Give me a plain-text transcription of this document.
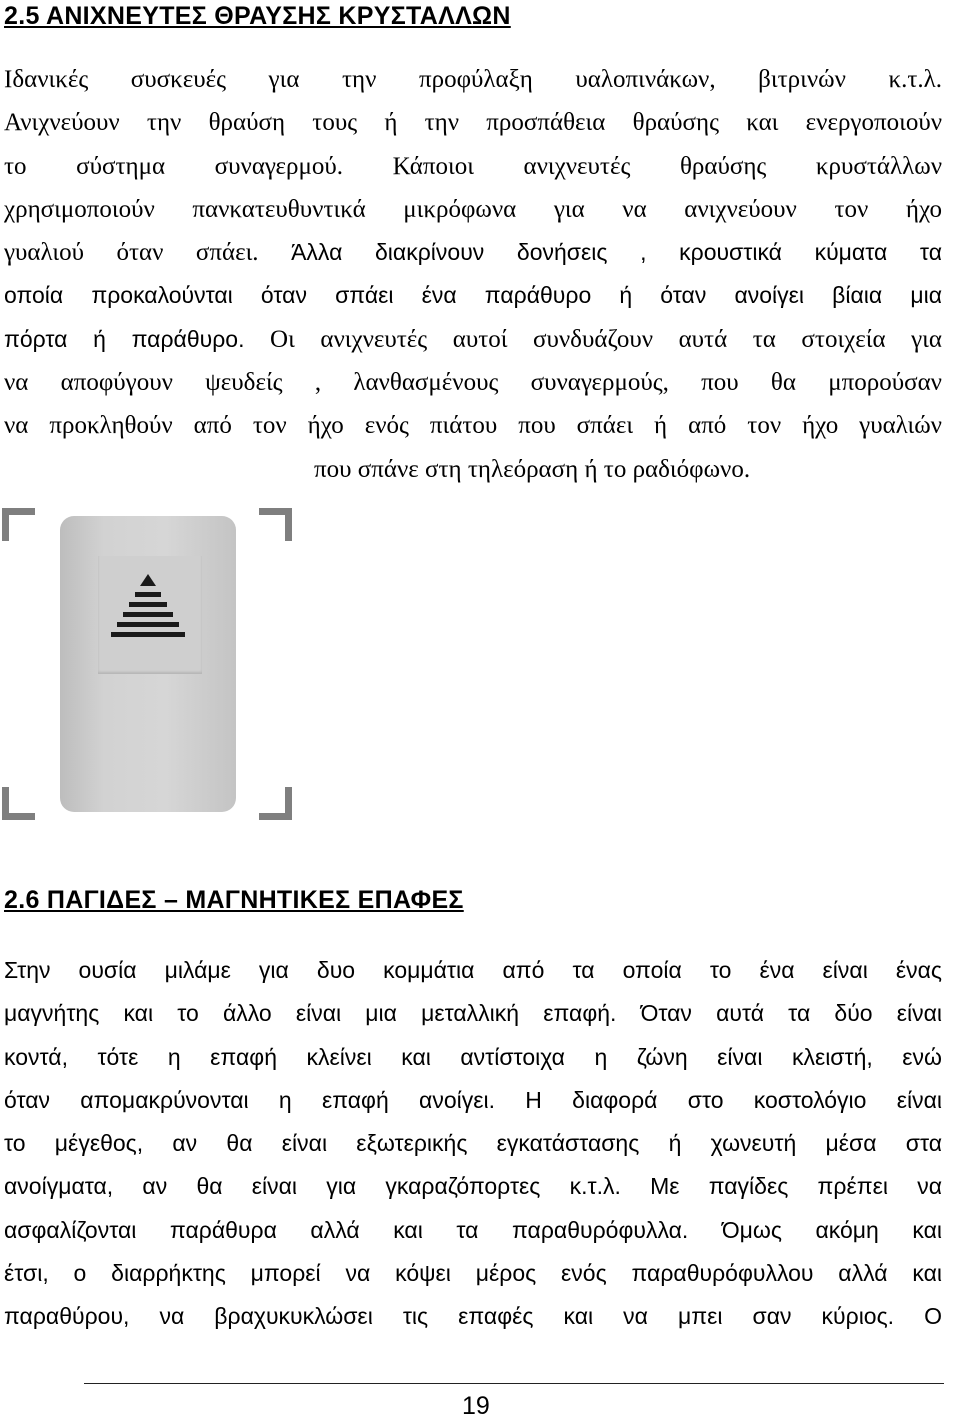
2.5 ΑΝΙΧΝΕΥΤΕΣ ΘΡΑΥΣΗΣ ΚΡΥΣΤΑΛΛΩΝ
Ιδανικές συσκευές για την προφύλαξη υαλοπινάκων, βιτρινών κ.τ.λ.
Ανιχνεύουν την θραύση τους ή την προσπάθεια θραύσης και ενεργοποιούν
το σύστημα συναγερμού. Κάποιοι ανιχνευτές θραύσης κρυστάλλων
χρησιμοποιούν πανκατευθυντικά μικρόφωνα για να ανιχνεύουν τον ήχο
γυαλιού όταν σπάει. Άλλα διακρίνουν δονήσεις , κρουστικά κύματα τα
οποία προκαλούνται όταν σπάει ένα παράθυρο ή όταν ανοίγει βίαια μια
πόρτα ή παράθυρο. Οι ανιχνευτές αυτοί συνδυάζουν αυτά τα στοιχεία για
να αποφύγουν ψευδείς , λανθασμένους συναγερμούς, που θα μπορούσαν
να προκληθούν από τον ήχο ενός πιάτου που σπάει ή από τον ήχο γυαλιών
που σπάνε στη τηλεόραση ή το ραδιόφωνο.
2.6 ΠΑΓΙΔΕΣ – ΜΑΓΝΗΤΙΚΕΣ ΕΠΑΦΕΣ
Στην ουσία μιλάμε για δυο κομμάτια από τα οποία το ένα είναι ένας
μαγνήτης και το άλλο είναι μια μεταλλική επαφή. Όταν αυτά τα δύο είναι
κοντά, τότε η επαφή κλείνει και αντίστοιχα η ζώνη είναι κλειστή, ενώ
όταν απομακρύνονται η επαφή ανοίγει. Η διαφορά στο κοστολόγιο είναι
το μέγεθος, αν θα είναι εξωτερικής εγκατάστασης ή χωνευτή μέσα στα
ανοίγματα, αν θα είναι για γκαραζόπορτες κ.τ.λ. Με παγίδες πρέπει να
ασφαλίζονται παράθυρα αλλά και τα παραθυρόφυλλα. Όμως ακόμη και
έτσι, ο διαρρήκτης μπορεί να κόψει μέρος ενός παραθυρόφυλλου αλλά και
παραθύρου, να βραχυκυκλώσει τις επαφές και να μπει σαν κύριος. Ο
19
